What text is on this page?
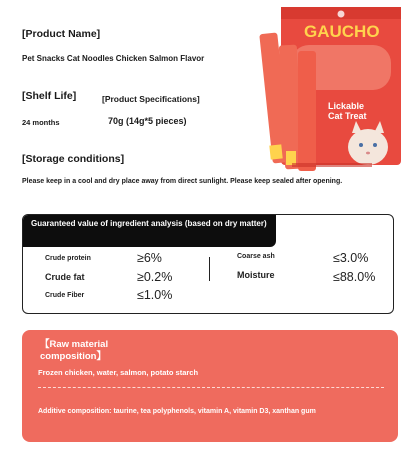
[Product Name]
Pet Snacks Cat Noodles Chicken Salmon Flavor
[Shelf Life]	[Product Specifications]
24 months	70g (14g*5 pieces)
[Storage conditions]
Please keep in a cool and dry place away from direct sunlight. Please keep sealed after opening.
GAUCHO
Lickable
Cat Treat
Guaranteed value of ingredient analysis (based on dry matter)
Crude protein	≥6%
Crude fat	≥0.2%
Crude Fiber	≤1.0%
Coarse ash	≤3.0%
Moisture	≤88.0%
【Raw material composition】
Frozen chicken, water, salmon, potato starch
Additive composition: taurine, tea polyphenols, vitamin A, vitamin D3, xanthan gum
